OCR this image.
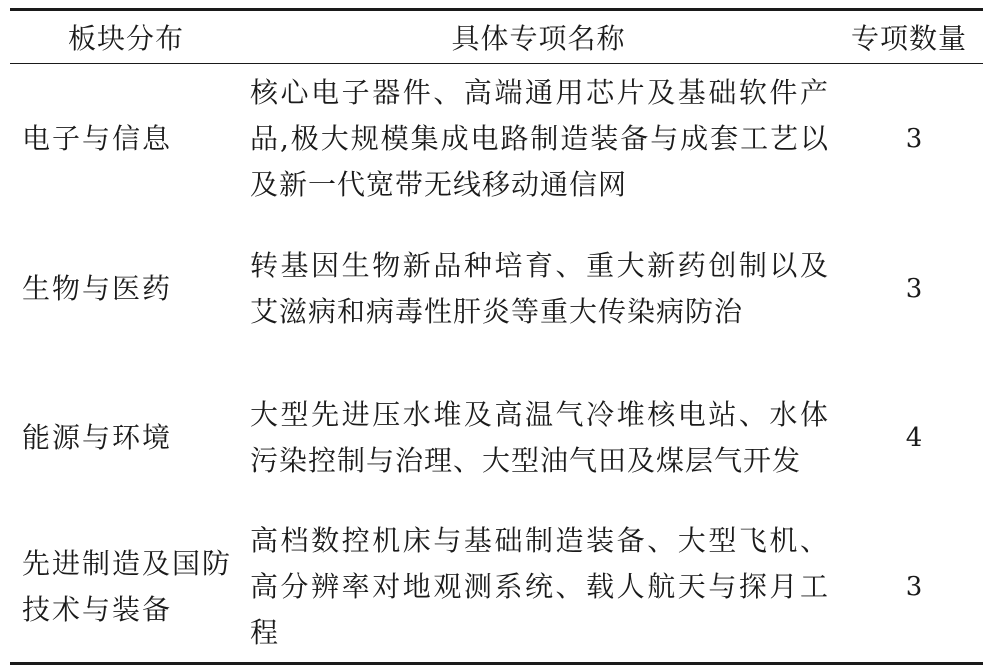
板块分布	具体专项名称	专项数量
电子与信息	核心电子器件、高端通用芯片及基础软件产品,极大规模集成电路制造装备与成套工艺以及新一代宽带无线移动通信网	3
生物与医药	转基因生物新品种培育、重大新药创制以及艾滋病和病毒性肝炎等重大传染病防治	3
能源与环境	大型先进压水堆及高温气冷堆核电站、水体污染控制与治理、大型油气田及煤层气开发	4
先进制造及国防技术与装备	高档数控机床与基础制造装备、大型飞机、高分辨率对地观测系统、载人航天与探月工程	3
